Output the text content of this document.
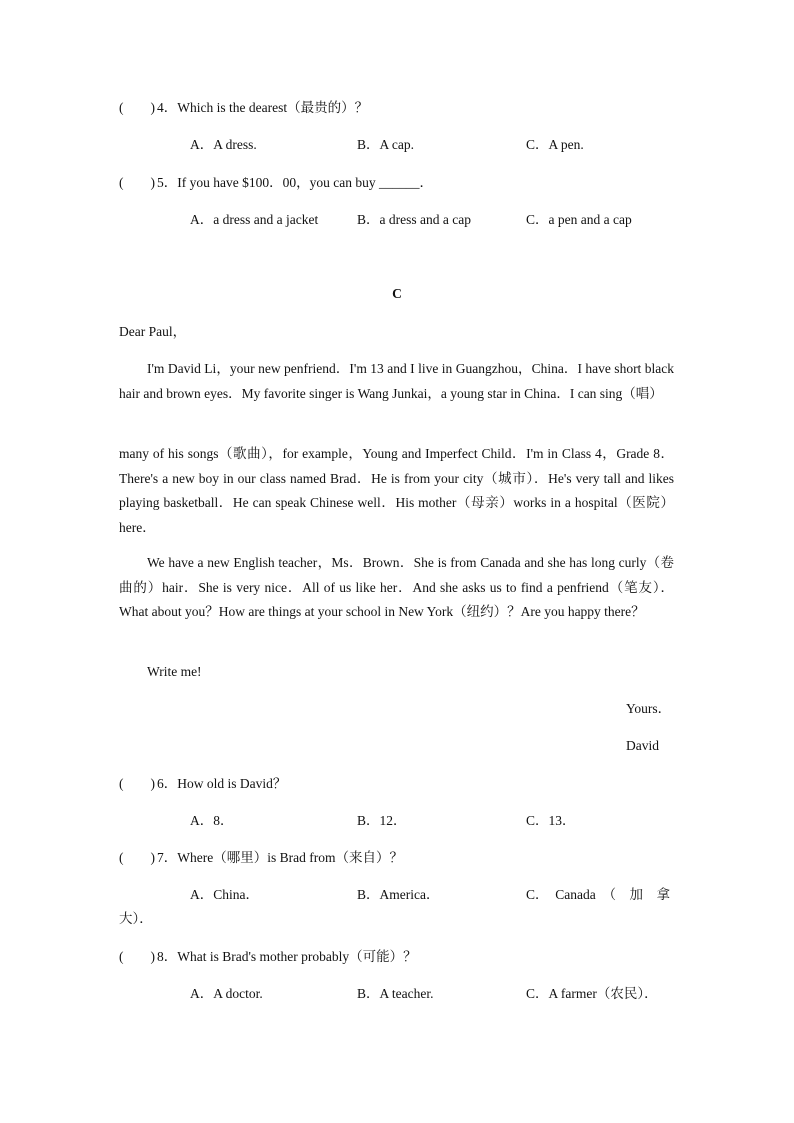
(　　 ) 4．Which is the dearest（最贵的）？
A．A dress.	B．A cap.	C．A pen.
(　　 ) 5．If you have $100．00，you can buy ______．
A．a dress and a jacket	B．a dress and a cap	C．a pen and a cap
C
Dear Paul，
I'm David Li，your new penfriend．I'm 13 and I live in Guangzhou，China．I have short black hair and brown eyes．My favorite singer is Wang Junkai，a young star in China．I can sing（唱）
many of his songs（歌曲），for example，Young and Imperfect Child．I'm in Class 4，Grade 8．There's a new boy in our class named Brad．He is from your city（城市）．He's very tall and likes playing basketball．He can speak Chinese well．His mother（母亲）works in a hospital（医院）here．
We have a new English teacher，Ms．Brown．She is from Canada and she has long curly（卷曲的）hair．She is very nice．All of us like her．And she asks us to find a penfriend（笔友）．What about you？How are things at your school in New York（纽约）？Are you happy there？
Write me!
Yours．
David
(　　 ) 6．How old is David？
A．8．	B．12．	C．13．
(　　 ) 7．Where（哪里）is Brad from（来自）？
A．China．	B．America．	C．　Canada　（　加　拿
大）．
(　　 ) 8．What is Brad's mother probably（可能）？
A．A doctor.	B．A teacher.	C．A farmer（农民）．
